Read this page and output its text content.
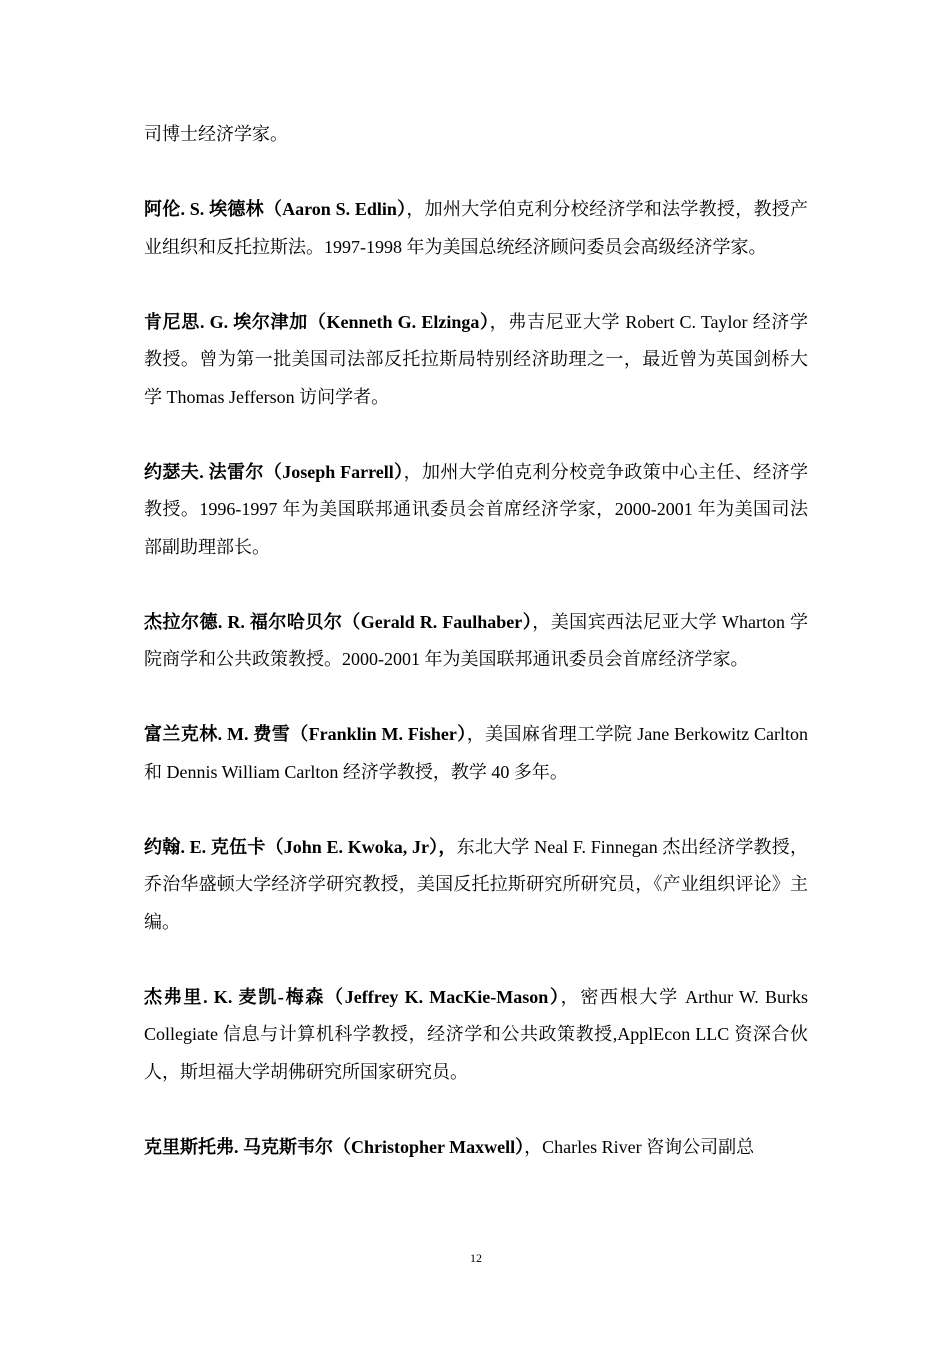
司博士经济学家。

阿伦. S. 埃德林（Aaron S. Edlin），加州大学伯克利分校经济学和法学教授，教授产业组织和反托拉斯法。1997-1998 年为美国总统经济顾问委员会高级经济学家。

肯尼思. G. 埃尔津加（Kenneth G. Elzinga），弗吉尼亚大学 Robert C. Taylor 经济学教授。曾为第一批美国司法部反托拉斯局特别经济助理之一，最近曾为英国剑桥大学 Thomas Jefferson 访问学者。

约瑟夫. 法雷尔（Joseph Farrell），加州大学伯克利分校竞争政策中心主任、经济学教授。1996-1997 年为美国联邦通讯委员会首席经济学家，2000-2001 年为美国司法部副助理部长。

杰拉尔德. R. 福尔哈贝尔（Gerald R. Faulhaber），美国宾西法尼亚大学 Wharton 学院商学和公共政策教授。2000-2001 年为美国联邦通讯委员会首席经济学家。

富兰克林. M. 费雪（Franklin M. Fisher），美国麻省理工学院 Jane Berkowitz Carlton 和 Dennis William Carlton 经济学教授，教学 40 多年。

约翰. E. 克伍卡（John E. Kwoka, Jr），东北大学 Neal F. Finnegan 杰出经济学教授，乔治华盛顿大学经济学研究教授，美国反托拉斯研究所研究员，《产业组织评论》主编。

杰弗里. K. 麦凯-梅森（Jeffrey K. MacKie-Mason），密西根大学 Arthur W. Burks Collegiate 信息与计算机科学教授，经济学和公共政策教授,ApplEcon LLC 资深合伙人，斯坦福大学胡佛研究所国家研究员。

克里斯托弗. 马克斯韦尔（Christopher Maxwell），Charles River 咨询公司副总

12
